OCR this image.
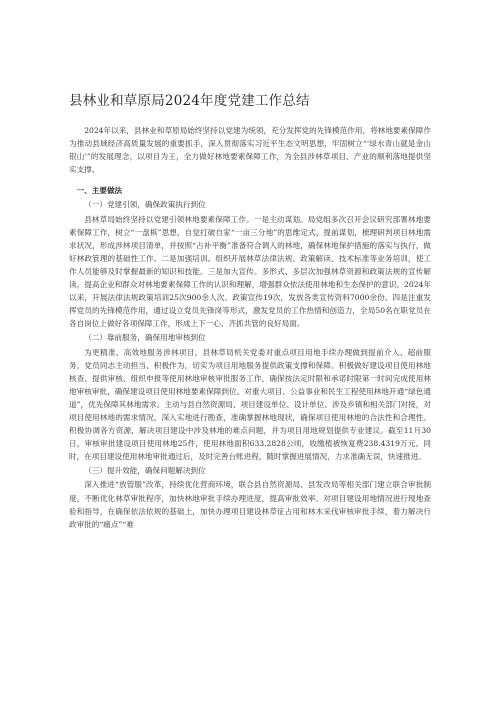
县林业和草原局2024年度党建工作总结

2024年以来，县林业和草原局始终坚持以党建为统领，充分发挥党的先锋模范作用，将林地要素保障作为推动县域经济高质量发展的重要抓手，深入贯彻落实习近平生态文明思想，牢固树立“‘绿水青山就是金山银山’”的发展理念，以项目为王，全力做好林地要素保障工作，为全县涉林草项目、产业的顺利落地提供坚实支撑。

一、主要做法

（一）党建引领，确保政策执行到位

县林草局始终坚持以党建引领林地要素保障工作。一是主动谋划。局党组多次召开会议研究部署林地要素保障工作，树立“一盘棋”思想，自觉打破自家“一亩三分地”的思维定式，提前谋划，梳理研判项目林地需求状况，形成涉林项目清单，并按照“占补平衡”准备符合调入的林地，确保林地保护措施的落实与执行，做好林政管理的基础性工作。二是加强培训。组织开展林草法律法规、政策解读、技术标准等业务培训，使工作人员能够及时掌握最新的知识和技能。三是加大宣传。多形式、多层次加强林草资源和政策法规的宣传解读，提高企业和群众对林地要素保障工作的认识和理解，增强群众依法使用林地和生态保护的意识。2024年以来，开展法律法规政策培训25次900余人次、政策宣传19次，发放各类宣传资料7000余份。四是注重发挥党员的先锋模范作用，通过设立党员先锋岗等形式，激发党员的工作热情和创造力，全局50名在职党员在各自岗位上做好各项保障工作，形成上下一心、齐抓共管的良好局面。

（二）靠前服务，确保用地审核到位

为更精准、高效地服务涉林项目，县林草局机关党委对重点项目用地手续办理做到提前介入、超前服务，党员同志主动担当、积极作为，切实为项目用地服务提供政策支撑和保障。积极做好建设项目使用林地核查、提供审核、组织申报等使用林地审核审批服务工作，确保按法定时限和承诺时限第一时间完成使用林地审核审批，确保建设项目使用林地要素保障到位。对重大项目、公益事业和民生工程使用林地开通“绿色通道”，优先保障其林地需求。主动与县自然资源局、项目建设单位、设计单位、涉及乡镇和相关部门对接，对项目使用林地的需求情况，深入实地进行勘查，准确掌握林地现状，确保项目使用林地的合法性和合理性。积极协调各方资源，解决项目建设中涉及林地的难点问题，并为项目用地规划提供专业建议。截至11月30日，审核审批建设项目使用林地25件，使用林地面积633.2828公顷，收缴植被恢复费238.4319万元。同时，在项目建设使用林地审批通过后，及时完善台账进程，随时掌握进展情况，力求准确无误，快速推进。

（三）提升效能，确保问题解决到位

深入推进“放管服”改革，持续优化营商环境，联合县自然资源局、县发改局等相关部门建立联合审批制度，不断优化林草审批程序，加快林地审批手续办理进度，提高审批效率。对项目建设用地情况进行现地查验和指导，在确保依法依规的基础上，加快办理项目建设林草征占用和林木采伐审核审批手续，着力解决行政审批的“痛点”“难
